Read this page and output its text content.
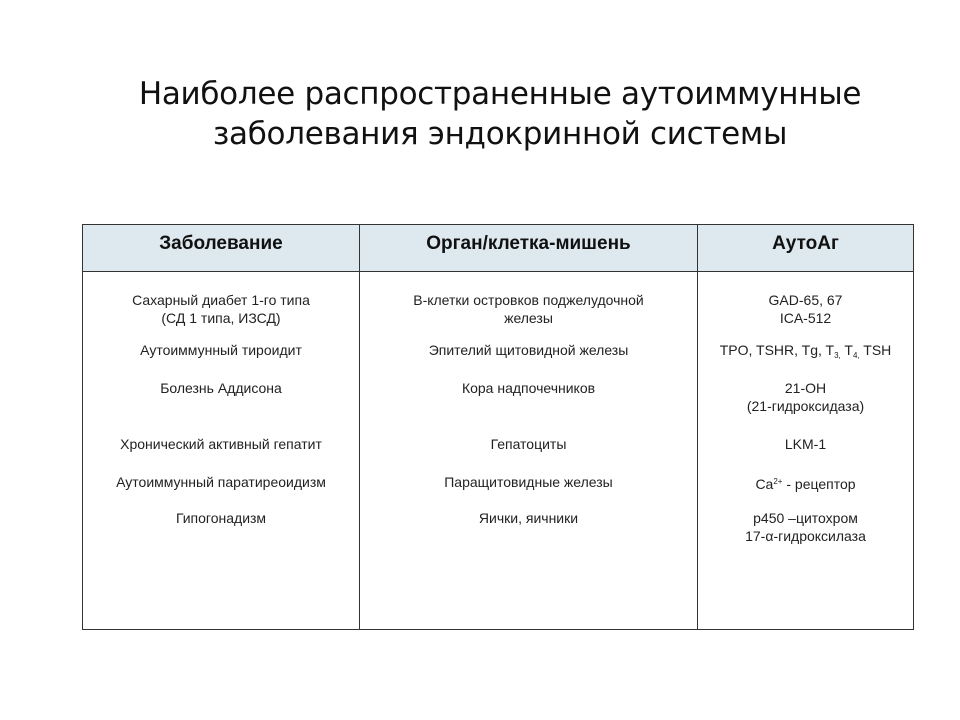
Наиболее распространенные аутоиммунные
заболевания эндокринной системы
Заболевание	Орган/клетка-мишень	АутоАг
Сахарный диабет 1-го типа
(СД 1 типа, ИЗСД)
Аутоиммунный тироидит
Болезнь Аддисона
Хронический активный гепатит
Аутоиммунный паратиреоидизм
Гипогонадизм
B-клетки островков поджелудочной
железы
Эпителий щитовидной железы
Кора надпочечников
Гепатоциты
Паращитовидные железы
Яички, яичники
GAD-65, 67
ICA-512
TPO, TSHR, Tg, $T_{3,}$ $T_{4,}$ TSH
21-OH
(21-гидроксидаза)
LKM-1
$Ca^{2+}$ - рецептор
p450 –цитохром
17-α-гидроксилаза
